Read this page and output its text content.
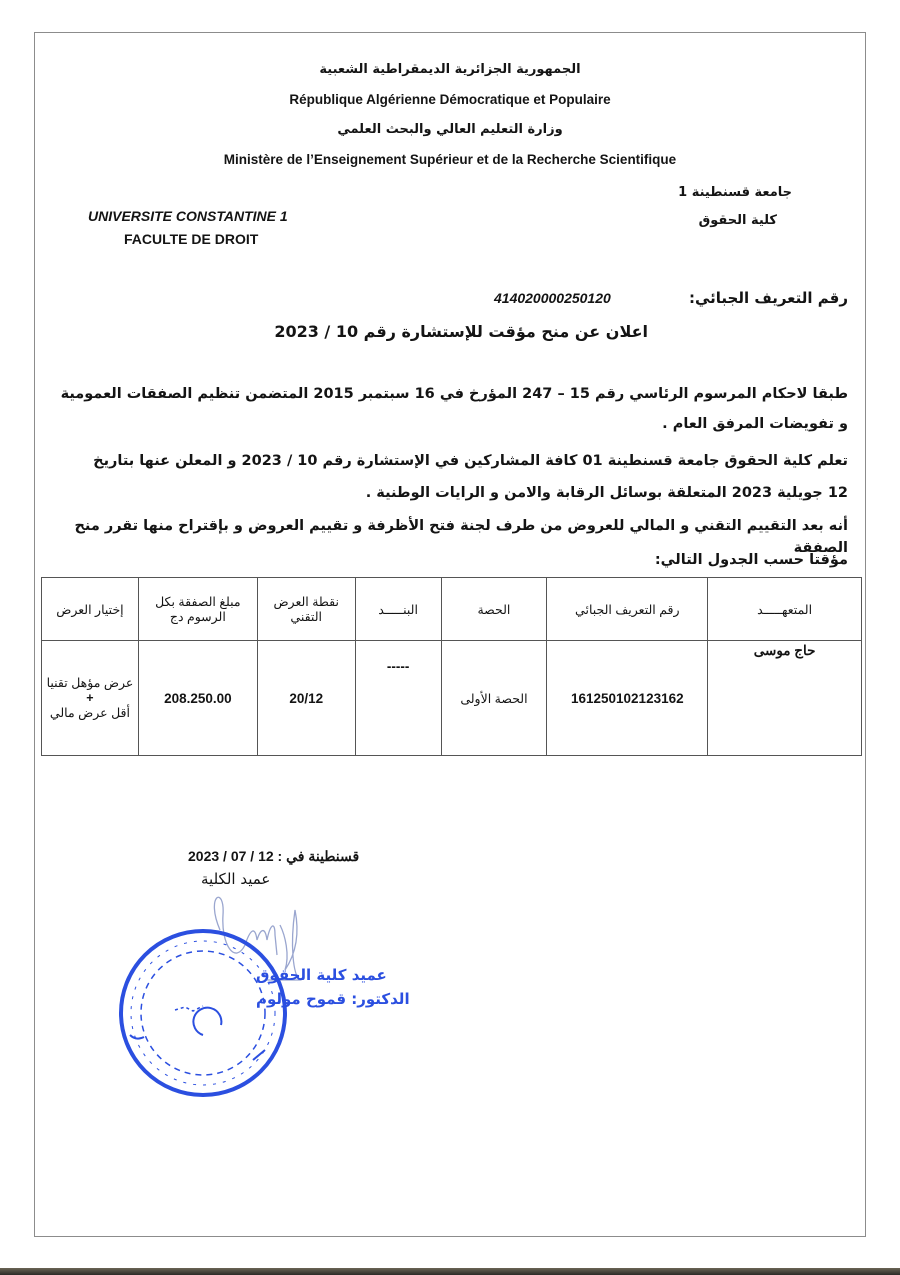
الجمهورية الجزائرية الديمقراطية الشعبية
République Algérienne Démocratique et Populaire
وزارة التعليم العالي والبحث العلمي
Ministère de l’Enseignement Supérieur et de la Recherche Scientifique
جامعة قسنطينة 1
كلية الحقوق
UNIVERSITE CONSTANTINE 1
FACULTE DE DROIT
رقم التعريف الجبائي:
414020000250120
اعلان عن منح مؤقت للإستشارة رقم 10 / 2023
طبقا لاحكام المرسوم الرئاسي رقم 15 – 247 المؤرخ في 16 سبتمبر 2015 المتضمن تنظيم الصفقات العمومية
و تفويضات المرفق العام .
تعلم كلية الحقوق جامعة قسنطينة 01 كافة المشاركين في الإستشارة رقم 10 / 2023 و المعلن عنها بتاريخ
12 جويلية 2023 المتعلقة بوسائل الرقابة والامن و الرايات الوطنية .
أنه بعد التقييم التقني و المالي للعروض من طرف لجنة فتح الأظرفة و تقييم العروض و بإقتراح منها تقرر منح الصفقة
مؤقتا حسب الجدول التالي:
المتعهـــــد	رقم التعريف الجبائي	الحصة	البنـــــد	نقطة العرض التقني	مبلغ الصفقة بكل الرسوم دج	إختيار العرض
حاج موسى	161250102123162	الحصة الأولى	-----	20/12	208.250.00	عرض مؤهل تقنيا
+
أقل عرض مالي
قسنطينة في : 12 / 07 / 2023
عميد الكلية
عميد كلية الحقوق
الدكتور: قموح مولوم
